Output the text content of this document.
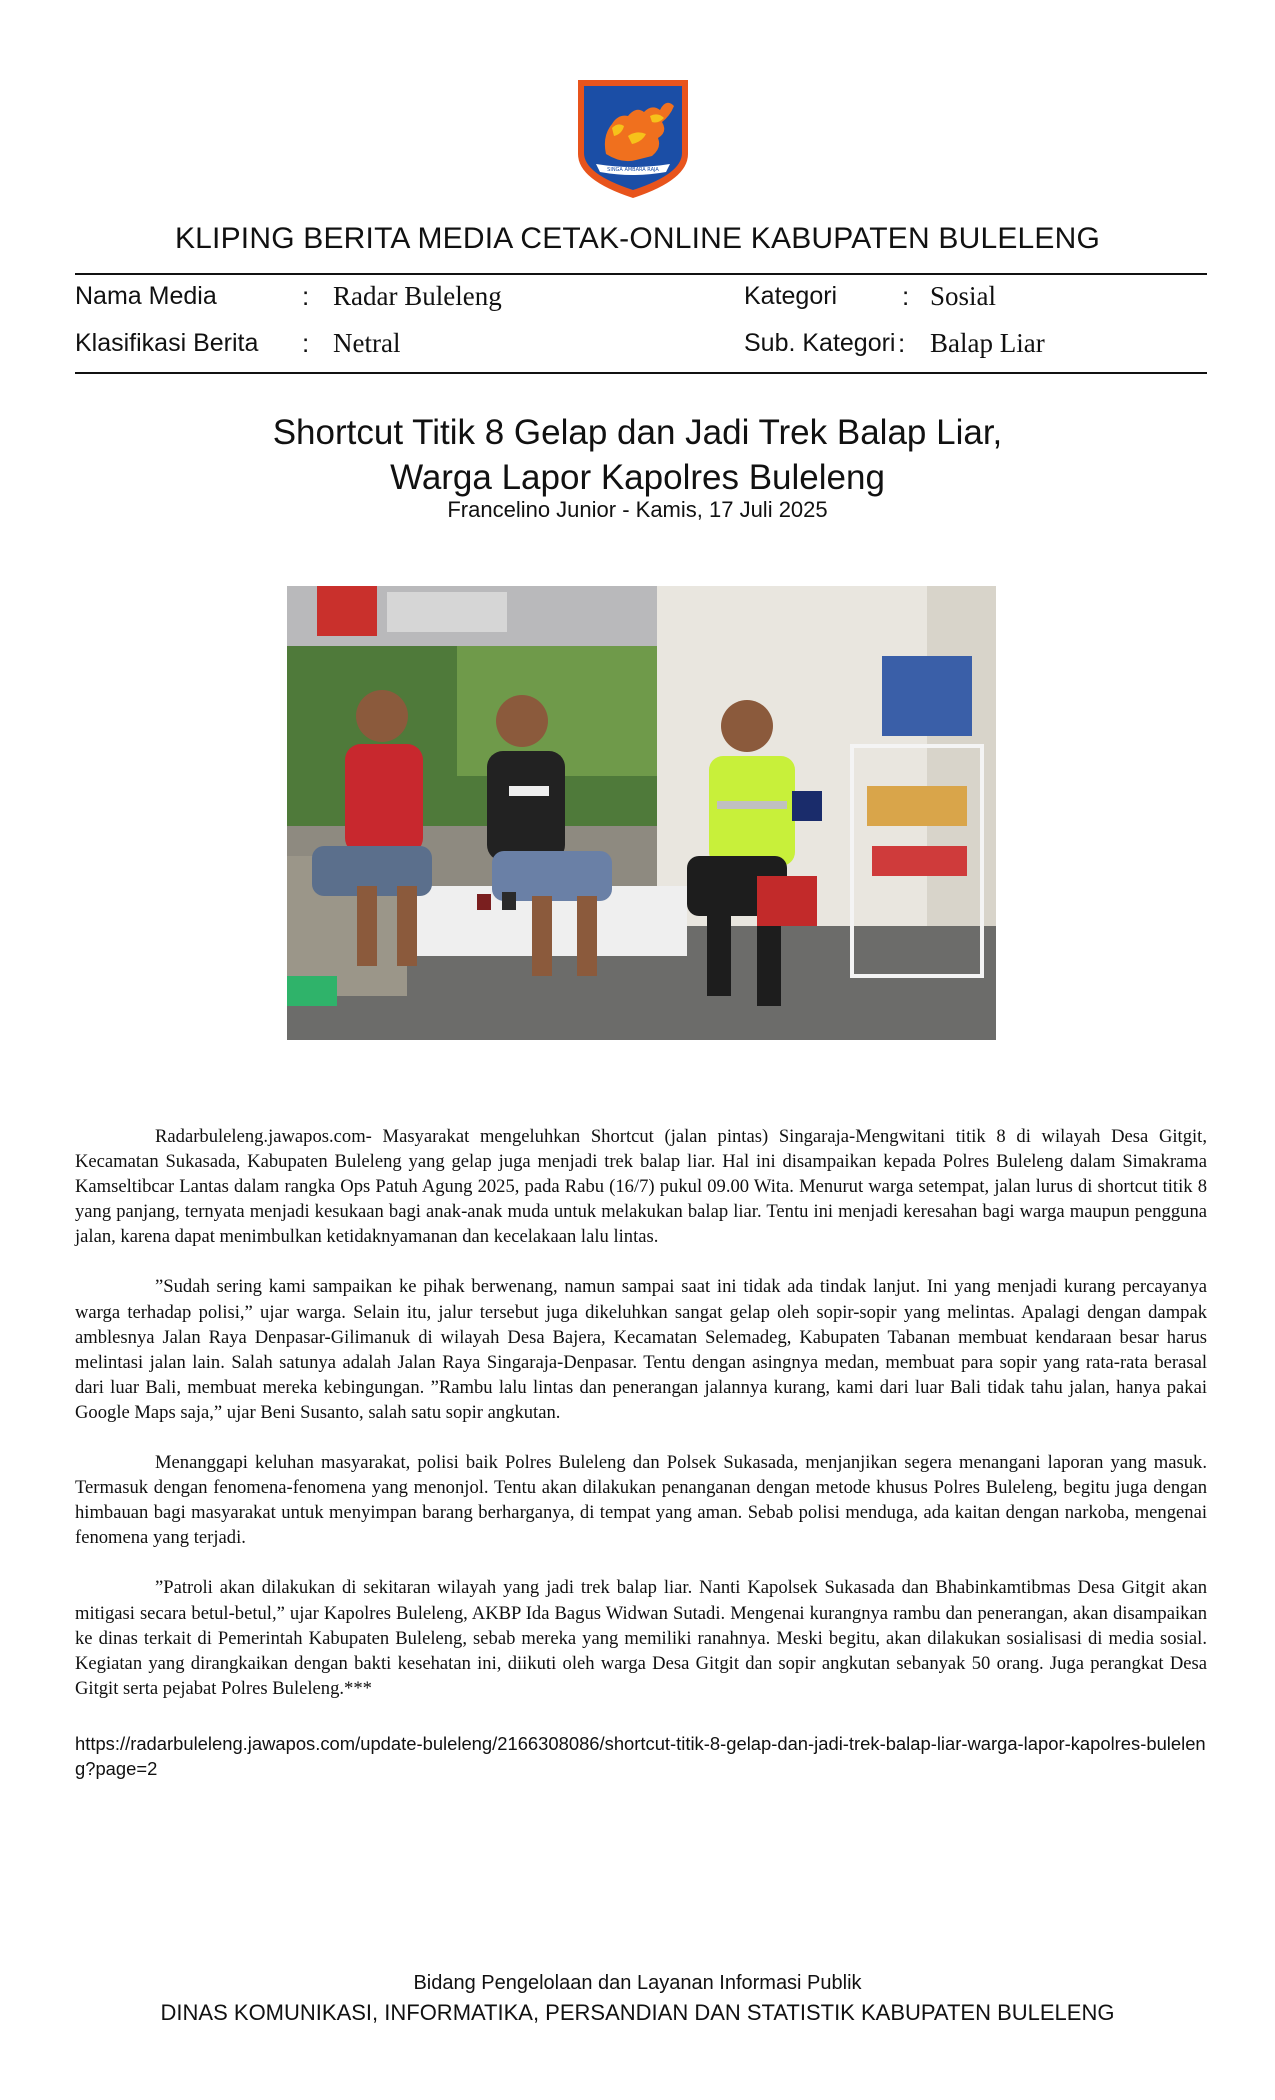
SINGA AMBARA RAJA
KLIPING BERITA MEDIA CETAK-ONLINE KABUPATEN BULELENG
Nama Media	: Radar Buleleng	Kategori : Sosial
Klasifikasi Berita : Netral	Sub. Kategori : Balap Liar
Shortcut Titik 8 Gelap dan Jadi Trek Balap Liar,
Warga Lapor Kapolres Buleleng
Francelino Junior - Kamis, 17 Juli 2025

Radarbuleleng.jawapos.com- Masyarakat mengeluhkan Shortcut (jalan pintas) Singaraja-Mengwitani titik 8 di wilayah Desa Gitgit, Kecamatan Sukasada, Kabupaten Buleleng yang gelap juga menjadi trek balap liar. Hal ini disampaikan kepada Polres Buleleng dalam Simakrama Kamseltibcar Lantas dalam rangka Ops Patuh Agung 2025, pada Rabu (16/7) pukul 09.00 Wita. Menurut warga setempat, jalan lurus di shortcut titik 8 yang panjang, ternyata menjadi kesukaan bagi anak-anak muda untuk melakukan balap liar. Tentu ini menjadi keresahan bagi warga maupun pengguna jalan, karena dapat menimbulkan ketidaknyamanan dan kecelakaan lalu lintas.

”Sudah sering kami sampaikan ke pihak berwenang, namun sampai saat ini tidak ada tindak lanjut. Ini yang menjadi kurang percayanya warga terhadap polisi,” ujar warga. Selain itu, jalur tersebut juga dikeluhkan sangat gelap oleh sopir-sopir yang melintas. Apalagi dengan dampak amblesnya Jalan Raya Denpasar-Gilimanuk di wilayah Desa Bajera, Kecamatan Selemadeg, Kabupaten Tabanan membuat kendaraan besar harus melintasi jalan lain. Salah satunya adalah Jalan Raya Singaraja-Denpasar. Tentu dengan asingnya medan, membuat para sopir yang rata-rata berasal dari luar Bali, membuat mereka kebingungan. ”Rambu lalu lintas dan penerangan jalannya kurang, kami dari luar Bali tidak tahu jalan, hanya pakai Google Maps saja,” ujar Beni Susanto, salah satu sopir angkutan.

Menanggapi keluhan masyarakat, polisi baik Polres Buleleng dan Polsek Sukasada, menjanjikan segera menangani laporan yang masuk. Termasuk dengan fenomena-fenomena yang menonjol. Tentu akan dilakukan penanganan dengan metode khusus Polres Buleleng, begitu juga dengan himbauan bagi masyarakat untuk menyimpan barang berharganya, di tempat yang aman. Sebab polisi menduga, ada kaitan dengan narkoba, mengenai fenomena yang terjadi.

”Patroli akan dilakukan di sekitaran wilayah yang jadi trek balap liar. Nanti Kapolsek Sukasada dan Bhabinkamtibmas Desa Gitgit akan mitigasi secara betul-betul,” ujar Kapolres Buleleng, AKBP Ida Bagus Widwan Sutadi. Mengenai kurangnya rambu dan penerangan, akan disampaikan ke dinas terkait di Pemerintah Kabupaten Buleleng, sebab mereka yang memiliki ranahnya. Meski begitu, akan dilakukan sosialisasi di media sosial. Kegiatan yang dirangkaikan dengan bakti kesehatan ini, diikuti oleh warga Desa Gitgit dan sopir angkutan sebanyak 50 orang. Juga perangkat Desa Gitgit serta pejabat Polres Buleleng.***

https://radarbuleleng.jawapos.com/update-buleleng/2166308086/shortcut-titik-8-gelap-dan-jadi-trek-balap-liar-warga-lapor-kapolres-buleleng?page=2
Bidang Pengelolaan dan Layanan Informasi Publik
DINAS KOMUNIKASI, INFORMATIKA, PERSANDIAN DAN STATISTIK KABUPATEN BULELENG
